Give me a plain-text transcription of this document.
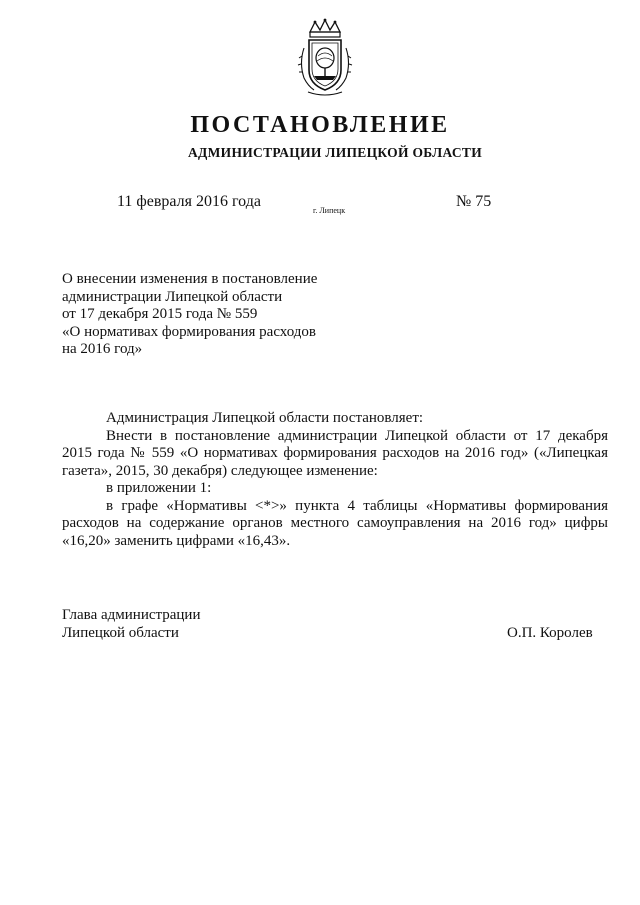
ПОСТАНОВЛЕНИЕ
АДМИНИСТРАЦИИ ЛИПЕЦКОЙ ОБЛАСТИ
11 февраля 2016 года
г. Липецк
№ 75
О внесении изменения в постановление
администрации Липецкой области
от 17 декабря 2015 года № 559
«О нормативах формирования расходов
на 2016 год»

Администрация Липецкой области постановляет:

Внести в постановление администрации Липецкой области от 17 декабря 2015 года № 559 «О нормативах формирования расходов на 2016 год» («Липецкая газета», 2015, 30 декабря) следующее изменение:

в приложении 1:

в графе «Нормативы <*>» пункта 4 таблицы «Нормативы формирования расходов на содержание органов местного самоуправления на 2016 год» цифры «16,20» заменить цифрами «16,43».

Глава администрации
Липецкой области	О.П. Королев
